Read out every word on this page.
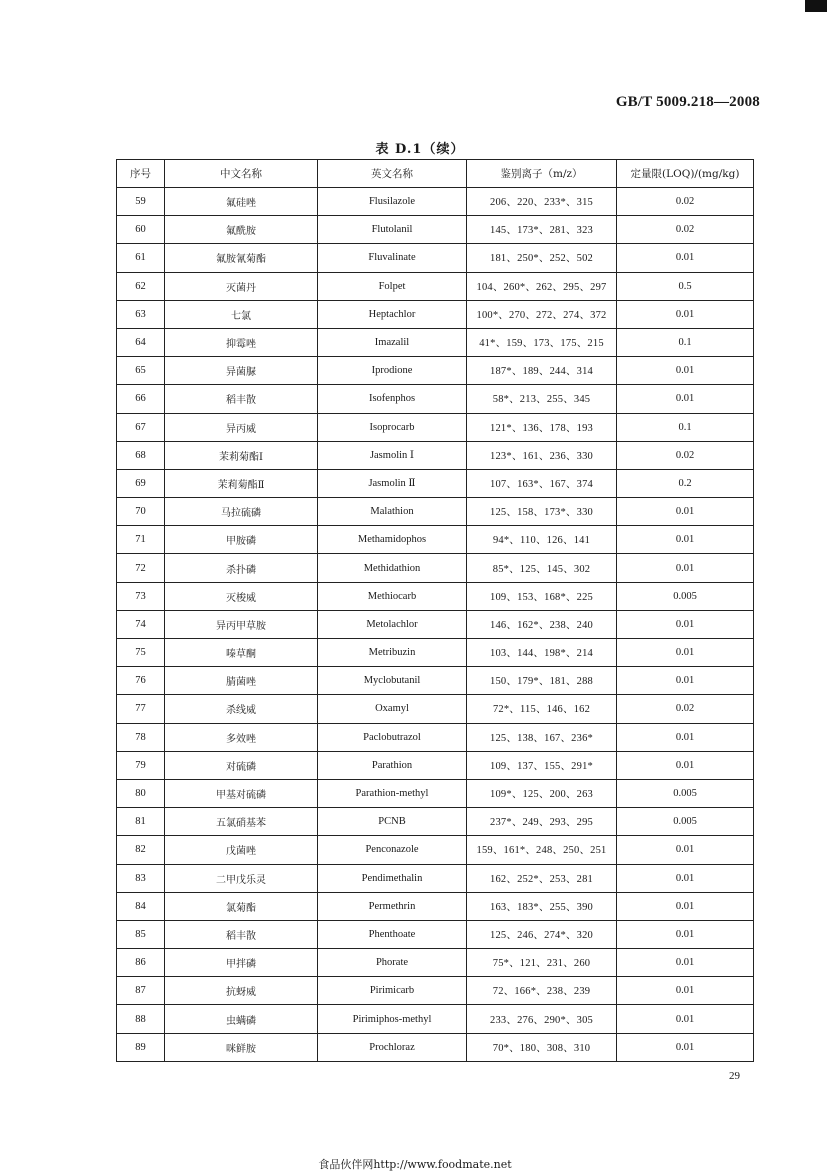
GB/T 5009.218—2008
表 D.1（续）
序号	中文名称	英文名称	鉴别离子（m/z）	定量限(LOQ)/(mg/kg)
59	氟硅唑	Flusilazole	206、220、233*、315	0.02
60	氟酰胺	Flutolanil	145、173*、281、323	0.02
61	氟胺氰菊酯	Fluvalinate	181、250*、252、502	0.01
62	灭菌丹	Folpet	104、260*、262、295、297	0.5
63	七氯	Heptachlor	100*、270、272、274、372	0.01
64	抑霉唑	Imazalil	41*、159、173、175、215	0.1
65	异菌脲	Iprodione	187*、189、244、314	0.01
66	稻丰散	Isofenphos	58*、213、255、345	0.01
67	异丙威	Isoprocarb	121*、136、178、193	0.1
68	茉莉菊酯Ⅰ	Jasmolin Ⅰ	123*、161、236、330	0.02
69	茉莉菊酯Ⅱ	Jasmolin Ⅱ	107、163*、167、374	0.2
70	马拉硫磷	Malathion	125、158、173*、330	0.01
71	甲胺磷	Methamidophos	94*、110、126、141	0.01
72	杀扑磷	Methidathion	85*、125、145、302	0.01
73	灭梭威	Methiocarb	109、153、168*、225	0.005
74	异丙甲草胺	Metolachlor	146、162*、238、240	0.01
75	嗪草酮	Metribuzin	103、144、198*、214	0.01
76	腈菌唑	Myclobutanil	150、179*、181、288	0.01
77	杀线威	Oxamyl	72*、115、146、162	0.02
78	多效唑	Paclobutrazol	125、138、167、236*	0.01
79	对硫磷	Parathion	109、137、155、291*	0.01
80	甲基对硫磷	Parathion-methyl	109*、125、200、263	0.005
81	五氯硝基苯	PCNB	237*、249、293、295	0.005
82	戊菌唑	Penconazole	159、161*、248、250、251	0.01
83	二甲戊乐灵	Pendimethalin	162、252*、253、281	0.01
84	氯菊酯	Permethrin	163、183*、255、390	0.01
85	稻丰散	Phenthoate	125、246、274*、320	0.01
86	甲拌磷	Phorate	75*、121、231、260	0.01
87	抗蚜威	Pirimicarb	72、166*、238、239	0.01
88	虫螨磷	Pirimiphos-methyl	233、276、290*、305	0.01
89	咪鲜胺	Prochloraz	70*、180、308、310	0.01
29
食品伙伴网http://www.foodmate.net
